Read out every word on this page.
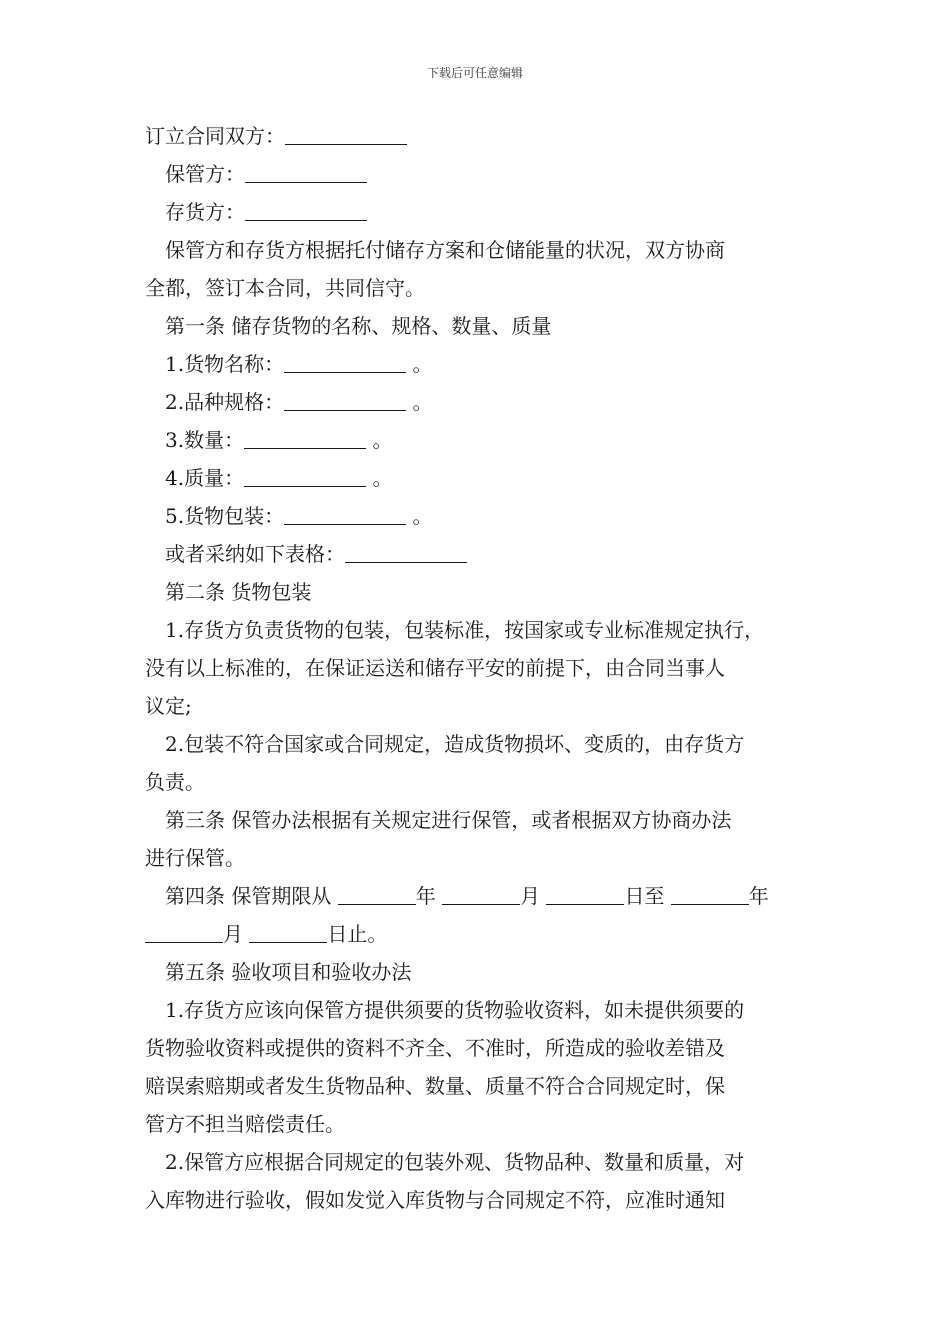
下载后可任意编辑

订立合同双方：

保管方：

存货方：

保管方和存货方根据托付储存方案和仓储能量的状况，双方协商

全都，签订本合同，共同信守。

第一条 储存货物的名称、规格、数量、质量

1.货物名称：	。

2.品种规格：	。

3.数量：	。

4.质量：	。

5.货物包装：	。

或者采纳如下表格：

第二条 货物包装

1.存货方负责货物的包装，包装标准，按国家或专业标准规定执行，

没有以上标准的，在保证运送和储存平安的前提下，由合同当事人

议定;

2.包装不符合国家或合同规定，造成货物损坏、变质的，由存货方

负责。

第三条 保管办法根据有关规定进行保管，或者根据双方协商办法

进行保管。

第四条 保管期限从	年	月	日至	年

月	日止。

第五条 验收项目和验收办法

1.存货方应该向保管方提供须要的货物验收资料，如未提供须要的

货物验收资料或提供的资料不齐全、不准时，所造成的验收差错及

赔误索赔期或者发生货物品种、数量、质量不符合合同规定时，保

管方不担当赔偿责任。

2.保管方应根据合同规定的包装外观、货物品种、数量和质量，对

入库物进行验收，假如发觉入库货物与合同规定不符，应准时通知
